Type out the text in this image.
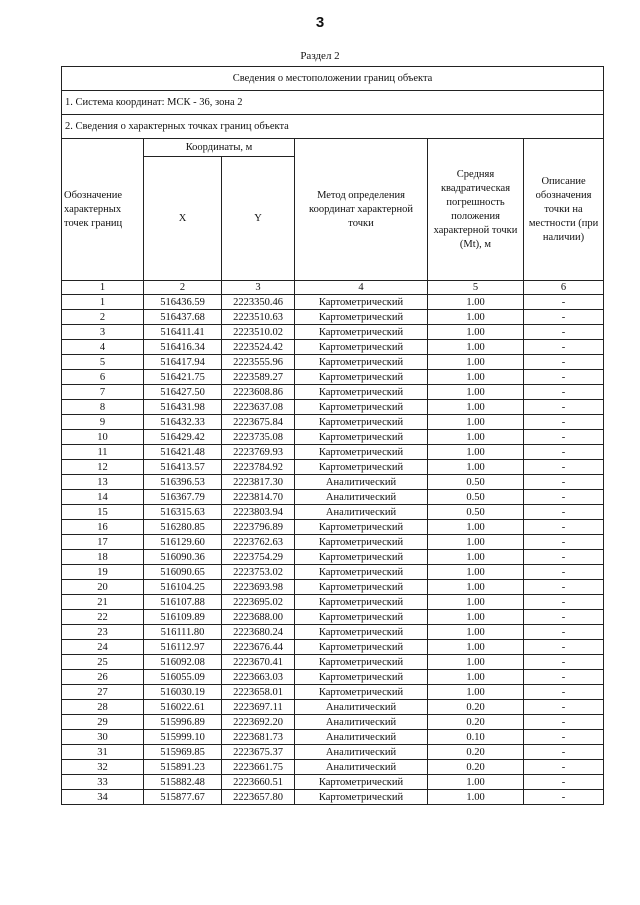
3
Раздел 2
Сведения о местоположении границ объекта					
1. Система координат: МСК - 36, зона 2					
2. Сведения о характерных точках границ объекта					
Обозначение характерных точек границ	Координаты, м		Метод определения координат характерной точки	Средняя квадратическая погрешность положения характерной точки (Mt), м	Описание обозначения точки на местности (при наличии)
	X	Y			
1	2	3	4	5	6
1	516436.59	2223350.46	Картометрический	1.00	-
2	516437.68	2223510.63	Картометрический	1.00	-
3	516411.41	2223510.02	Картометрический	1.00	-
4	516416.34	2223524.42	Картометрический	1.00	-
5	516417.94	2223555.96	Картометрический	1.00	-
6	516421.75	2223589.27	Картометрический	1.00	-
7	516427.50	2223608.86	Картометрический	1.00	-
8	516431.98	2223637.08	Картометрический	1.00	-
9	516432.33	2223675.84	Картометрический	1.00	-
10	516429.42	2223735.08	Картометрический	1.00	-
11	516421.48	2223769.93	Картометрический	1.00	-
12	516413.57	2223784.92	Картометрический	1.00	-
13	516396.53	2223817.30	Аналитический	0.50	-
14	516367.79	2223814.70	Аналитический	0.50	-
15	516315.63	2223803.94	Аналитический	0.50	-
16	516280.85	2223796.89	Картометрический	1.00	-
17	516129.60	2223762.63	Картометрический	1.00	-
18	516090.36	2223754.29	Картометрический	1.00	-
19	516090.65	2223753.02	Картометрический	1.00	-
20	516104.25	2223693.98	Картометрический	1.00	-
21	516107.88	2223695.02	Картометрический	1.00	-
22	516109.89	2223688.00	Картометрический	1.00	-
23	516111.80	2223680.24	Картометрический	1.00	-
24	516112.97	2223676.44	Картометрический	1.00	-
25	516092.08	2223670.41	Картометрический	1.00	-
26	516055.09	2223663.03	Картометрический	1.00	-
27	516030.19	2223658.01	Картометрический	1.00	-
28	516022.61	2223697.11	Аналитический	0.20	-
29	515996.89	2223692.20	Аналитический	0.20	-
30	515999.10	2223681.73	Аналитический	0.10	-
31	515969.85	2223675.37	Аналитический	0.20	-
32	515891.23	2223661.75	Аналитический	0.20	-
33	515882.48	2223660.51	Картометрический	1.00	-
34	515877.67	2223657.80	Картометрический	1.00	-
